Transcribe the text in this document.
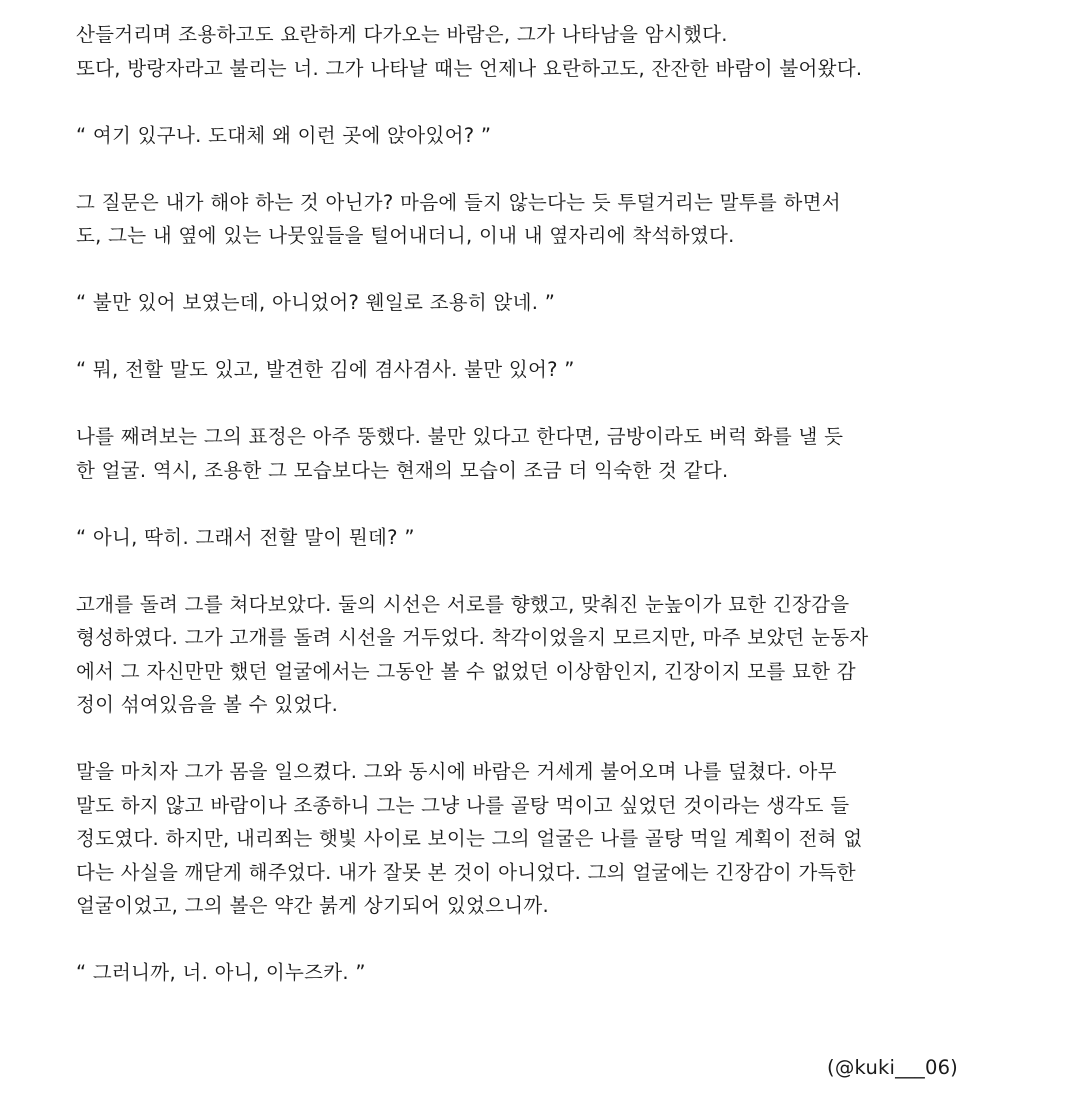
산들거리며 조용하고도 요란하게 다가오는 바람은, 그가 나타남을 암시했다.
또다, 방랑자라고 불리는 너. 그가 나타날 때는 언제나 요란하고도, 잔잔한 바람이 불어왔다.
“ 여기 있구나. 도대체 왜 이런 곳에 앉아있어? ”
그 질문은 내가 해야 하는 것 아닌가? 마음에 들지 않는다는 듯 투덜거리는 말투를 하면서
도, 그는 내 옆에 있는 나뭇잎들을 털어내더니, 이내 내 옆자리에 착석하였다.
“ 불만 있어 보였는데, 아니었어? 웬일로 조용히 앉네. ”
“ 뭐, 전할 말도 있고, 발견한 김에 겸사겸사. 불만 있어? ”
나를 째려보는 그의 표정은 아주 뚱했다. 불만 있다고 한다면, 금방이라도 버럭 화를 낼 듯
한 얼굴. 역시, 조용한 그 모습보다는 현재의 모습이 조금 더 익숙한 것 같다.
“ 아니, 딱히. 그래서 전할 말이 뭔데? ”
고개를 돌려 그를 쳐다보았다. 둘의 시선은 서로를 향했고, 맞춰진 눈높이가 묘한 긴장감을
형성하였다. 그가 고개를 돌려 시선을 거두었다. 착각이었을지 모르지만, 마주 보았던 눈동자
에서 그 자신만만 했던 얼굴에서는 그동안 볼 수 없었던 이상함인지, 긴장이지 모를 묘한 감
정이 섞여있음을 볼 수 있었다.
말을 마치자 그가 몸을 일으켰다. 그와 동시에 바람은 거세게 불어오며 나를 덮쳤다. 아무
말도 하지 않고 바람이나 조종하니 그는 그냥 나를 골탕 먹이고 싶었던 것이라는 생각도 들
정도였다. 하지만, 내리쬐는 햇빛 사이로 보이는 그의 얼굴은 나를 골탕 먹일 계획이 전혀 없
다는 사실을 깨닫게 해주었다. 내가 잘못 본 것이 아니었다. 그의 얼굴에는 긴장감이 가득한
얼굴이었고, 그의 볼은 약간 붉게 상기되어 있었으니까.
“ 그러니까, 너. 아니, 이누즈카. ”
(@kuki___06)
